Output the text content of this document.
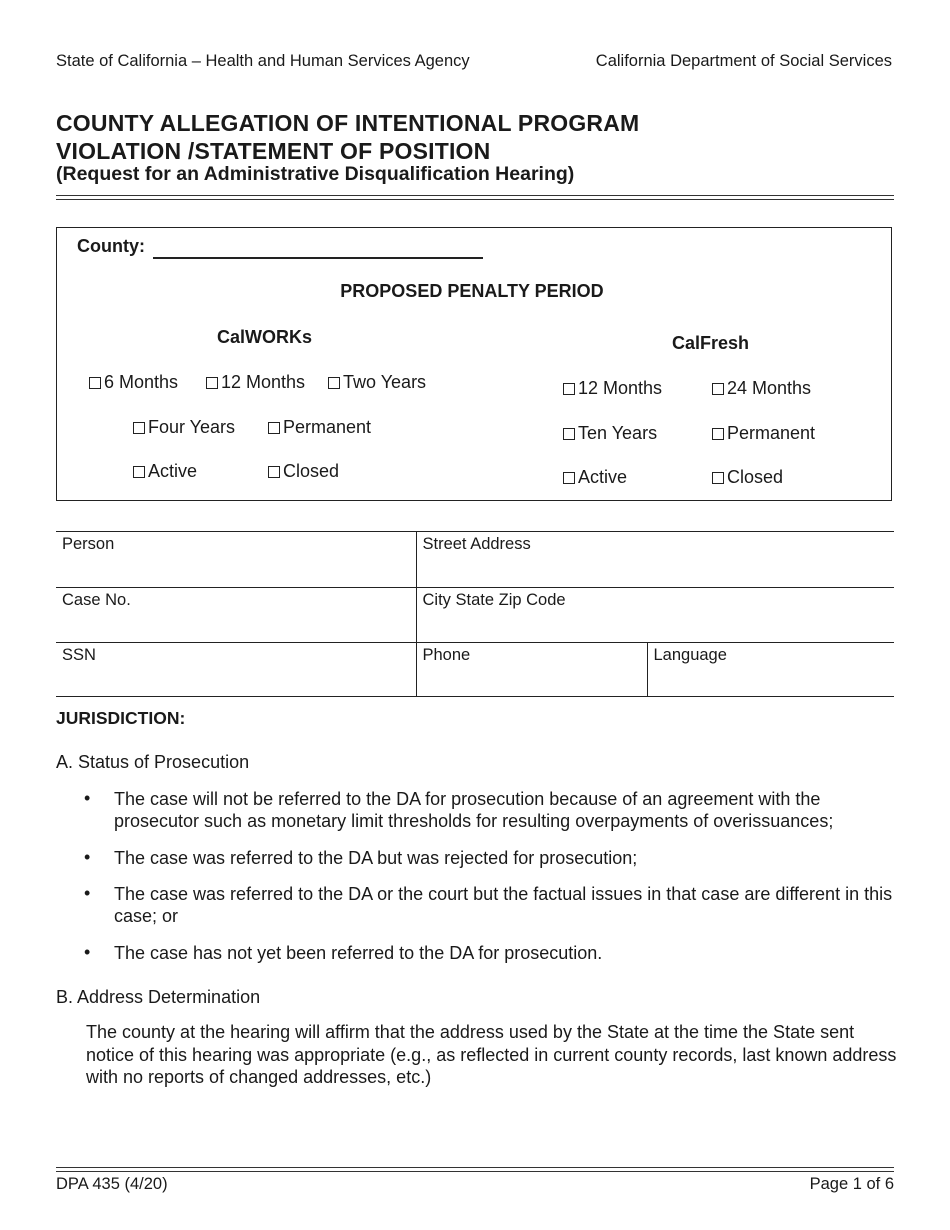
State of California – Health and Human Services Agency	California Department of Social Services
COUNTY ALLEGATION OF INTENTIONAL PROGRAM
VIOLATION /STATEMENT OF POSITION
(Request for an Administrative Disqualification Hearing)
County:
PROPOSED PENALTY PERIOD
CalWORKs	CalFresh
6 Months 12 Months Two Years
Four Years	Permanent
Active	Closed
12 Months	24 Months
Ten Years	Permanent
Active	Closed
Person	Street Address	
Case No.	City State Zip Code	
SSN	Phone	Language
JURISDICTION:
A. Status of Prosecution
• The case will not be referred to the DA for prosecution because of an agreement with the prosecutor such as monetary limit thresholds for resulting overpayments of overissuances;
• The case was referred to the DA but was rejected for prosecution;
• The case was referred to the DA or the court but the factual issues in that case are different in this case; or
• The case has not yet been referred to the DA for prosecution.
B. Address Determination
The county at the hearing will affirm that the address used by the State at the time the State sent notice of this hearing was appropriate (e.g., as reflected in current county records, last known address with no reports of changed addresses, etc.)
DPA 435 (4/20)	Page 1 of 6
